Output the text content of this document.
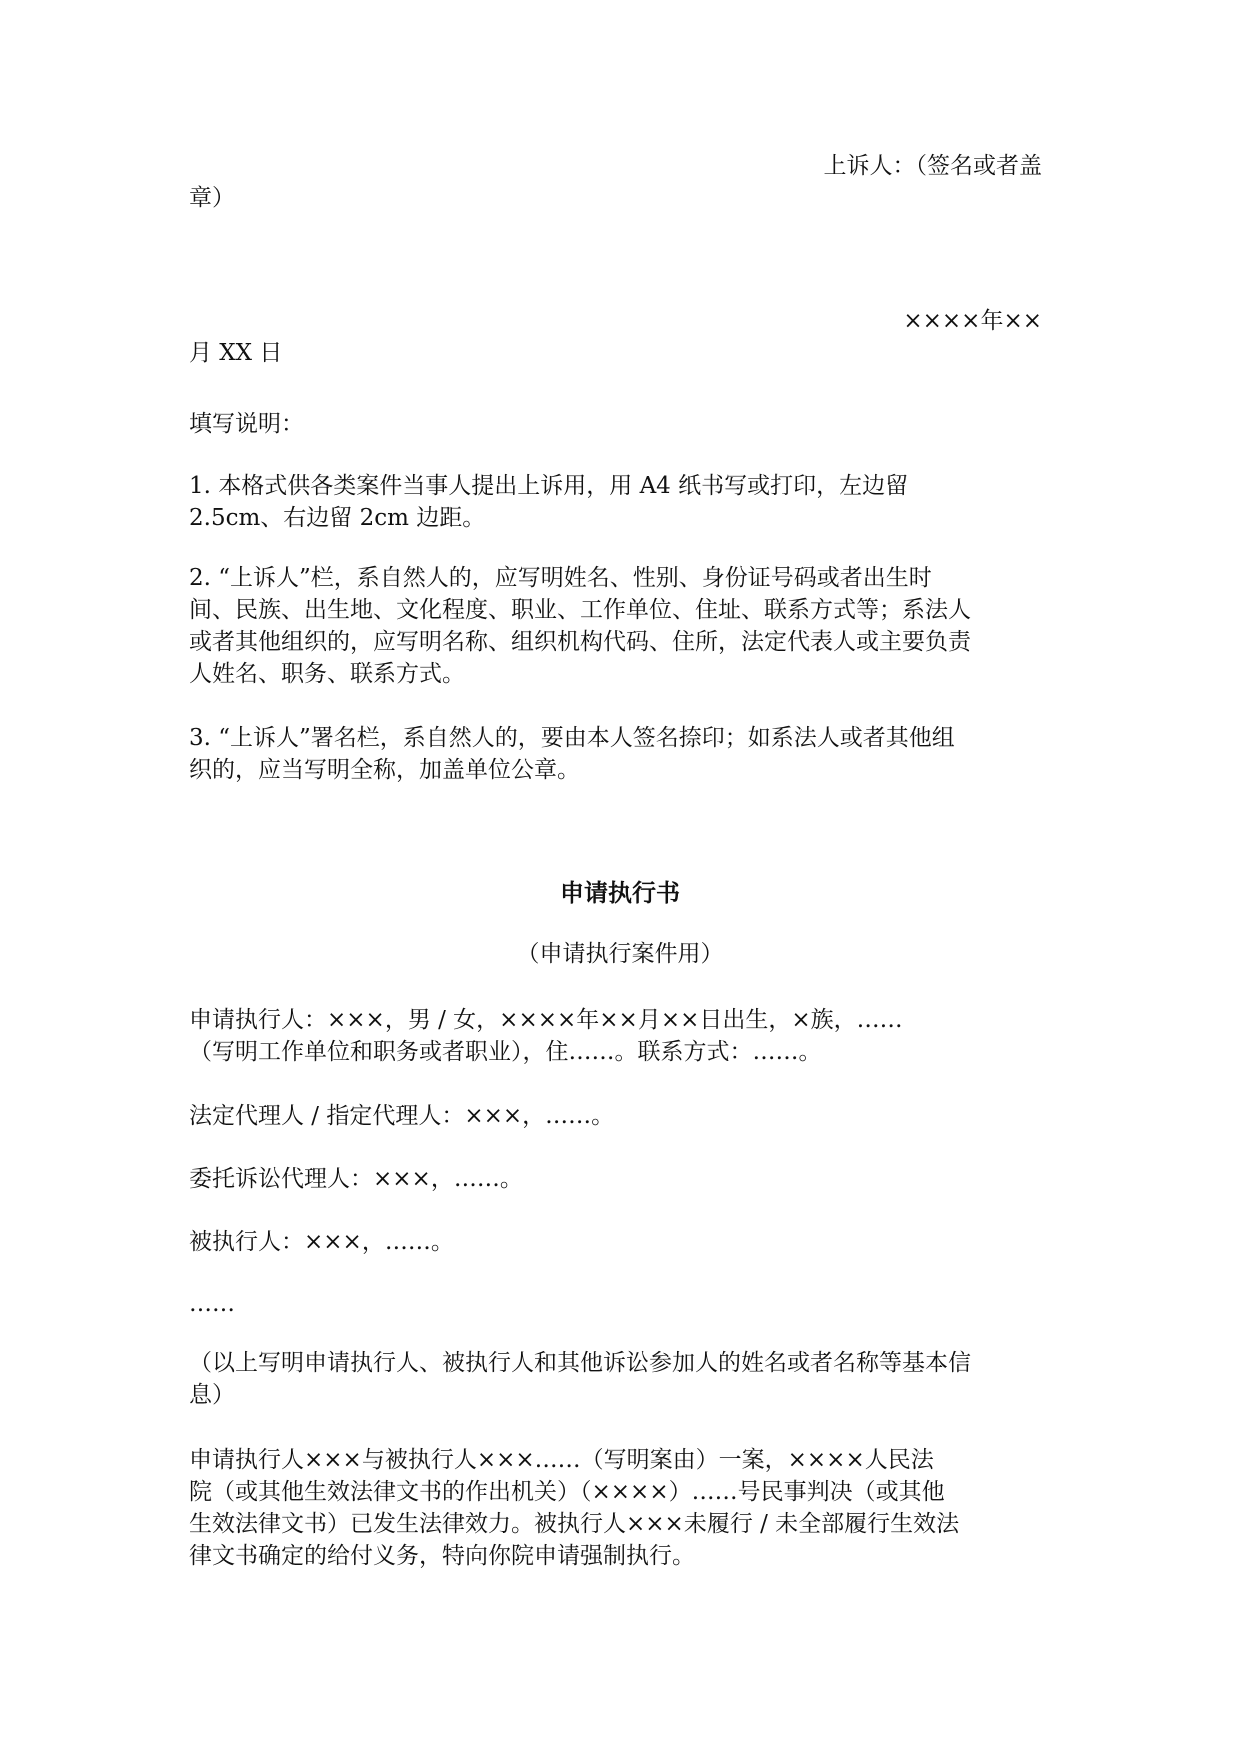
上诉人：（签名或者盖
章）
××××年××
月 XX 日
填写说明：
1. 本格式供各类案件当事人提出上诉用，用 A4 纸书写或打印，左边留
2.5cm、右边留 2cm 边距。
2. “上诉人”栏，系自然人的，应写明姓名、性别、身份证号码或者出生时
间、民族、出生地、文化程度、职业、工作单位、住址、联系方式等；系法人
或者其他组织的，应写明名称、组织机构代码、住所，法定代表人或主要负责
人姓名、职务、联系方式。
3. “上诉人”署名栏，系自然人的，要由本人签名捺印；如系法人或者其他组
织的，应当写明全称，加盖单位公章。
申请执行书
（申请执行案件用）
申请执行人：×××，男 / 女，××××年××月××日出生，×族，……
（写明工作单位和职务或者职业），住……。联系方式：……。
法定代理人 / 指定代理人：×××，……。
委托诉讼代理人：×××，……。
被执行人：×××，……。
……
（以上写明申请执行人、被执行人和其他诉讼参加人的姓名或者名称等基本信
息）
申请执行人×××与被执行人×××……（写明案由）一案，××××人民法
院（或其他生效法律文书的作出机关）（××××）……号民事判决（或其他
生效法律文书）已发生法律效力。被执行人×××未履行 / 未全部履行生效法
律文书确定的给付义务，特向你院申请强制执行。
